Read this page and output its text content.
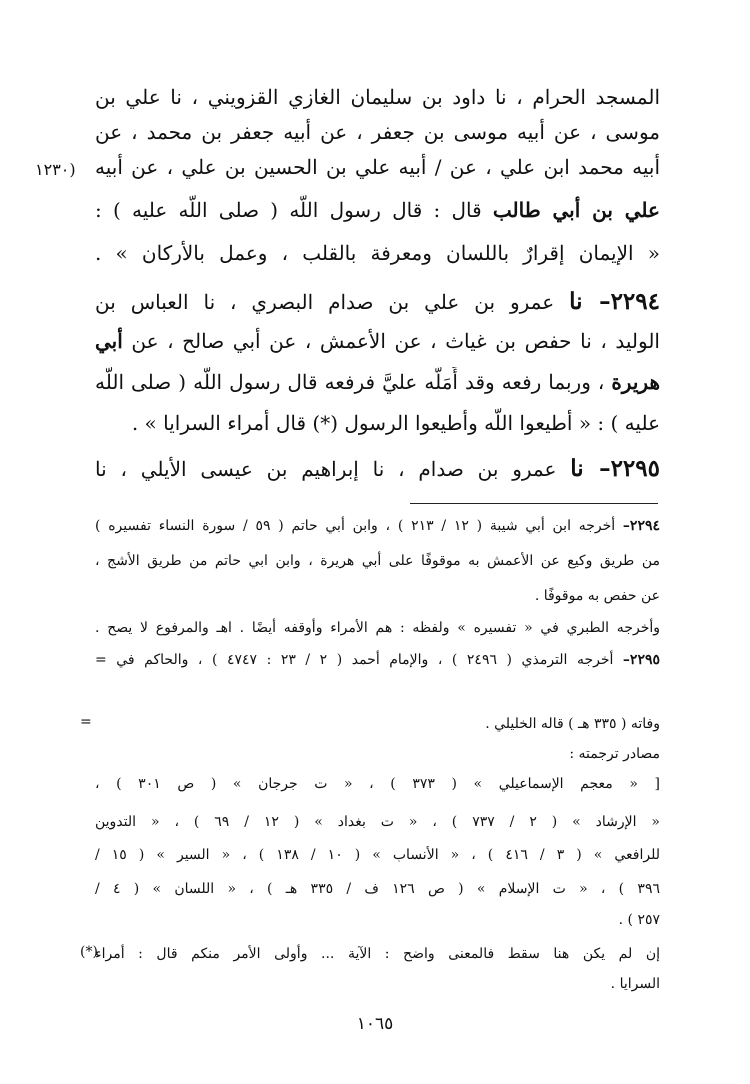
(١٢٣٠
المسجد الحرام ، نا داود بن سليمان الغازي القزويني ، نا علي بن
موسى ، عن أبيه موسى بن جعفر ، عن أبيه جعفر بن محمد ، عن
أبيه محمد ابن علي ، عن / أبيه علي بن الحسين بن علي ، عن أبيه
علي بن أبي طالب قال : قال رسول اللّه ( صلى اللّه عليه ) :
« الإيمان إقرارٌ باللسان ومعرفة بالقلب ، وعمل بالأركان » .
٢٢٩٤– نا عمرو بن علي بن صدام البصري ، نا العباس بن
الوليد ، نا حفص بن غياث ، عن الأعمش ، عن أبي صالح ، عن أبي
هريرة ، وربما رفعه وقد أَمَلَّه عليَّ فرفعه قال رسول اللّه ( صلى اللّه
عليه ) : « أطيعوا اللّه وأطيعوا الرسول (*) قال أمراء السرايا » .
٢٢٩٥– نا عمرو بن صدام ، نا إبراهيم بن عيسى الأيلي ، نا
٢٢٩٤– أخرجه ابن أبي شيبة ( ١٢ / ٢١٣ ) ، وابن أبي حاتم ( ٥٩ / سورة النساء تفسيره )
من طريق وكيع عن الأعمش به موقوفًا على أبي هريرة ، وابن ابي حاتم من طريق الأشج ،
عن حفص به موقوفًا .
وأخرجه الطبري في « تفسيره » ولفظه : هم الأمراء وأوقفه أيضًا . اهـ والمرفوع لا يصح .
٢٢٩٥– أخرجه الترمذي ( ٢٤٩٦ ) ، والإمام أحمد ( ٢ / ٢٣ : ٤٧٤٧ ) ، والحاكم في =
=	وفاته ( ٣٣٥ هـ ) قاله الخليلي .
مصادر ترجمته :
[ « معجم الإسماعيلي » ( ٣٧٣ ) ، « ت جرجان » ( ص ٣٠١ ) ،
« الإرشاد » ( ٢ / ٧٣٧ ) ، « ت بغداد » ( ١٢ / ٦٩ ) ، « التدوين
للرافعي » ( ٣ / ٤١٦ ) ، « الأنساب » ( ١٠ / ١٣٨ ) ، « السير » ( ١٥ /
٣٩٦ ) ، « ت الإسلام » ( ص ١٢٦ ف / ٣٣٥ هـ ) ، « اللسان » ( ٤ /
٢٥٧ ) .
(*)
إن لم يكن هنا سقط فالمعنى واضح : الآية ... وأولى الأمر منكم قال : أمراء
السرايا .
١٠٦٥
